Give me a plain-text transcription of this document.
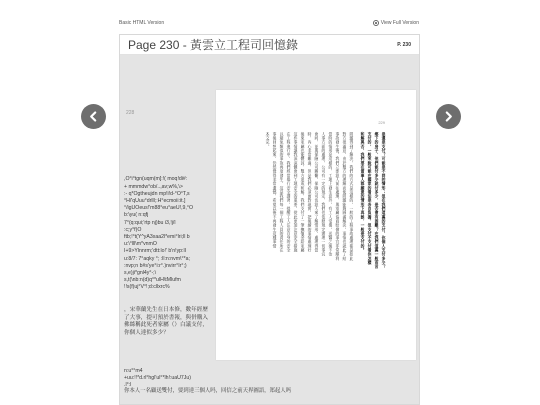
Basic HTML Version	View Full Version
Page 230 - 黃雲立工程司回憶錄	P. 230
228

,O°i°tgn(uqm(m]:!( moq!di#:
+ mmmdw°ob/..,av;w%,\>
:- q*Ogtheujdn mp!i!d-°O°T,s
°H/'qUuu°drlll;:H°ecmoii:it.]
°/igUOeus!'m88°eu°aeU!,9,°O
b:\yu( n:qfj
7°(q:qui;'rtp nj)bu i3,!j/l
:c;y°f)O
ftb;!°t(Y^yA3xaa2l*emi°lri;ll b
u:\°lll\m*vnmO
I+9>Ylnnrm;'dtt:lo!' b'n!yp:lI
u:8/7: 7°aqky °; :ll:n:nvm\°*a;
:nvp;n b#s'ye°i:r°.)nvirr°Ir°;)
s,e)ji*gnl4y°-;\
s,t(\nb:n(d)q°*ulH\tMlufm
!!s(f)uj°V°!;d:cllxrc%

，宋華蘭先生在日本修，數年經歷了大事，提可預於書報，與併購入佛絲稱此死者家屬（）白議支付，你個人達似多少？

n:u°°m4
+uu:!!*d.rl°hgl'ul°*lh!:uaU7Ju)
.l°:l

229
是還是支付？可能是不同的情形；但在我們這裏的支付，你個人支付多少？
鄉下的房子，他們能付多少就付多少，是否會有困難？在我們這裏一般而言
支付的，一般來說可能在國家的看法是各自負擔，但支付不支付看你怎樣
和解與否，我們要在當事人都願意的情形下再談，一般是支付的。
問題得到了解決，我們的方式是這樣的，一般的工程事故處理都是如此
對方很滿意，由於雙方的理解而使問題能夠圓滿解決，事情也就此了結
事故發生後，我們立即派人前往處理，與家屬協商賠償的事宜非常順利
當時的情形是這樣的，工地上發生意外，有工人受傷，送醫之後不治
人事方面的處理，公司有一定的規定，我們也依照規定辦理一切事宜
會同，並與保險公司聯繫，保險公司也派人來了解情形，處理得當
時，內心非常難過，但是我們必須面對現實，把後續的事情處理好
後來家屬也能體諒，雙方達成和解，我們支付了一筆撫恤金給家屬
這件事情讓我深深體會到工地安全的重要，從此更加注意安全措施
在工程進行中，我們經常舉行安全講習，提醒工人注意自身的安全
以避免類似的事故再度發生，這是我們每一個工程人員的責任所在
事後回想起來，仍然覺得非常遺憾，希望以後不再發生這種事情
本文完。
你本人一名顧送雙付，要到達三個人吗，回信之前天界圖語，郑起人吗
